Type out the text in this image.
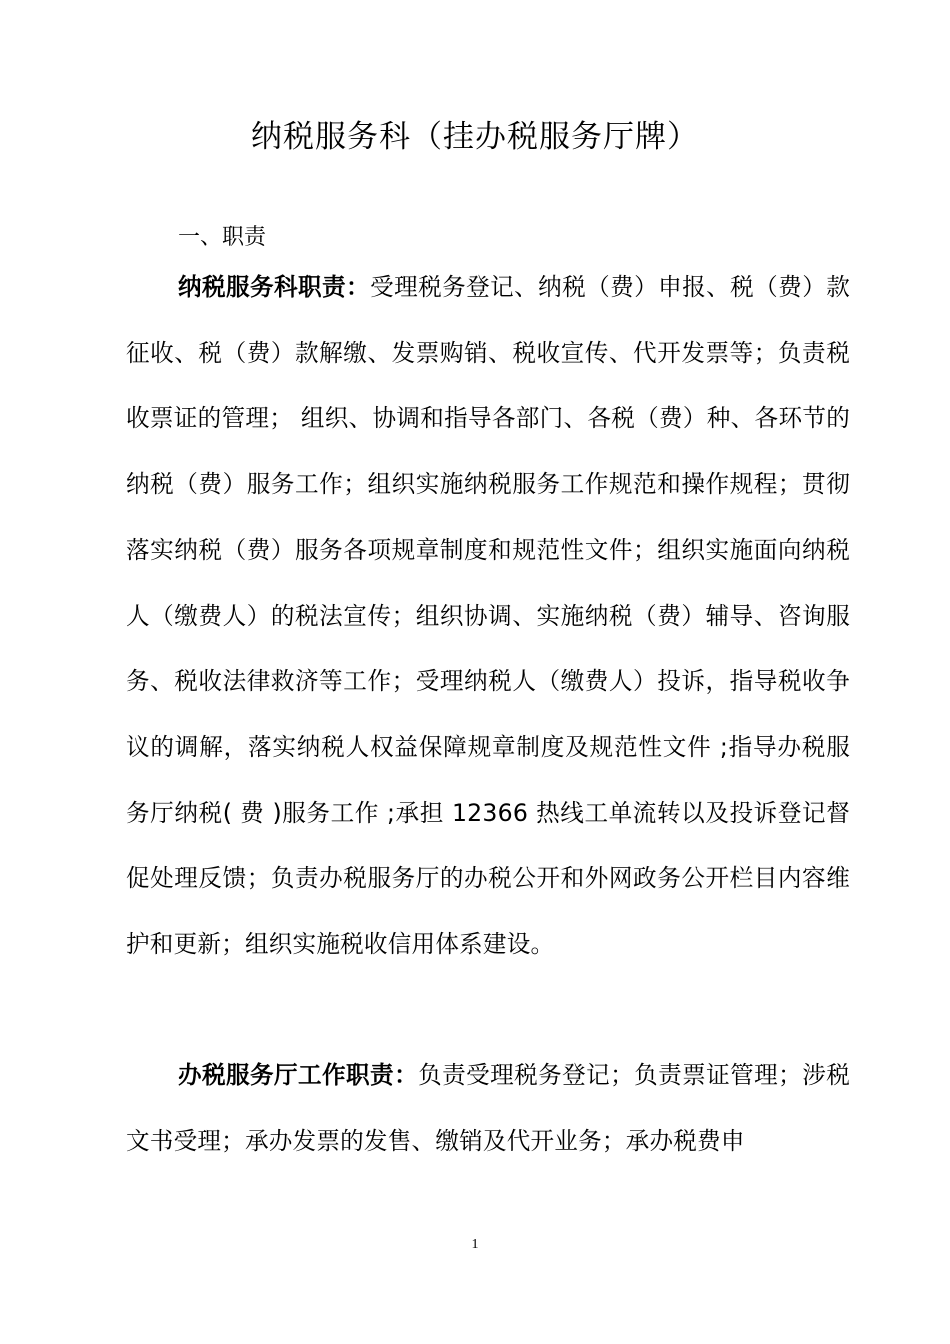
纳税服务科（挂办税服务厅牌）
一、职责

纳税服务科职责：受理税务登记、纳税（费）申报、税（费）款征收、税（费）款解缴、发票购销、税收宣传、代开发票等；负责税收票证的管理； 组织、协调和指导各部门、各税（费）种、各环节的纳税（费）服务工作；组织实施纳税服务工作规范和操作规程；贯彻落实纳税（费）服务各项规章制度和规范性文件；组织实施面向纳税人（缴费人）的税法宣传；组织协调、实施纳税（费）辅导、咨询服务、税收法律救济等工作；受理纳税人（缴费人）投诉，指导税收争议的调解，落实纳税人权益保障规章制度及规范性文件 ;指导办税服务厅纳税( 费 )服务工作 ;承担 12366 热线工单流转以及投诉登记督促处理反馈；负责办税服务厅的办税公开和外网政务公开栏目内容维护和更新；组织实施税收信用体系建设。

办税服务厅工作职责：负责受理税务登记；负责票证管理；涉税文书受理；承办发票的发售、缴销及代开业务；承办税费申

1
